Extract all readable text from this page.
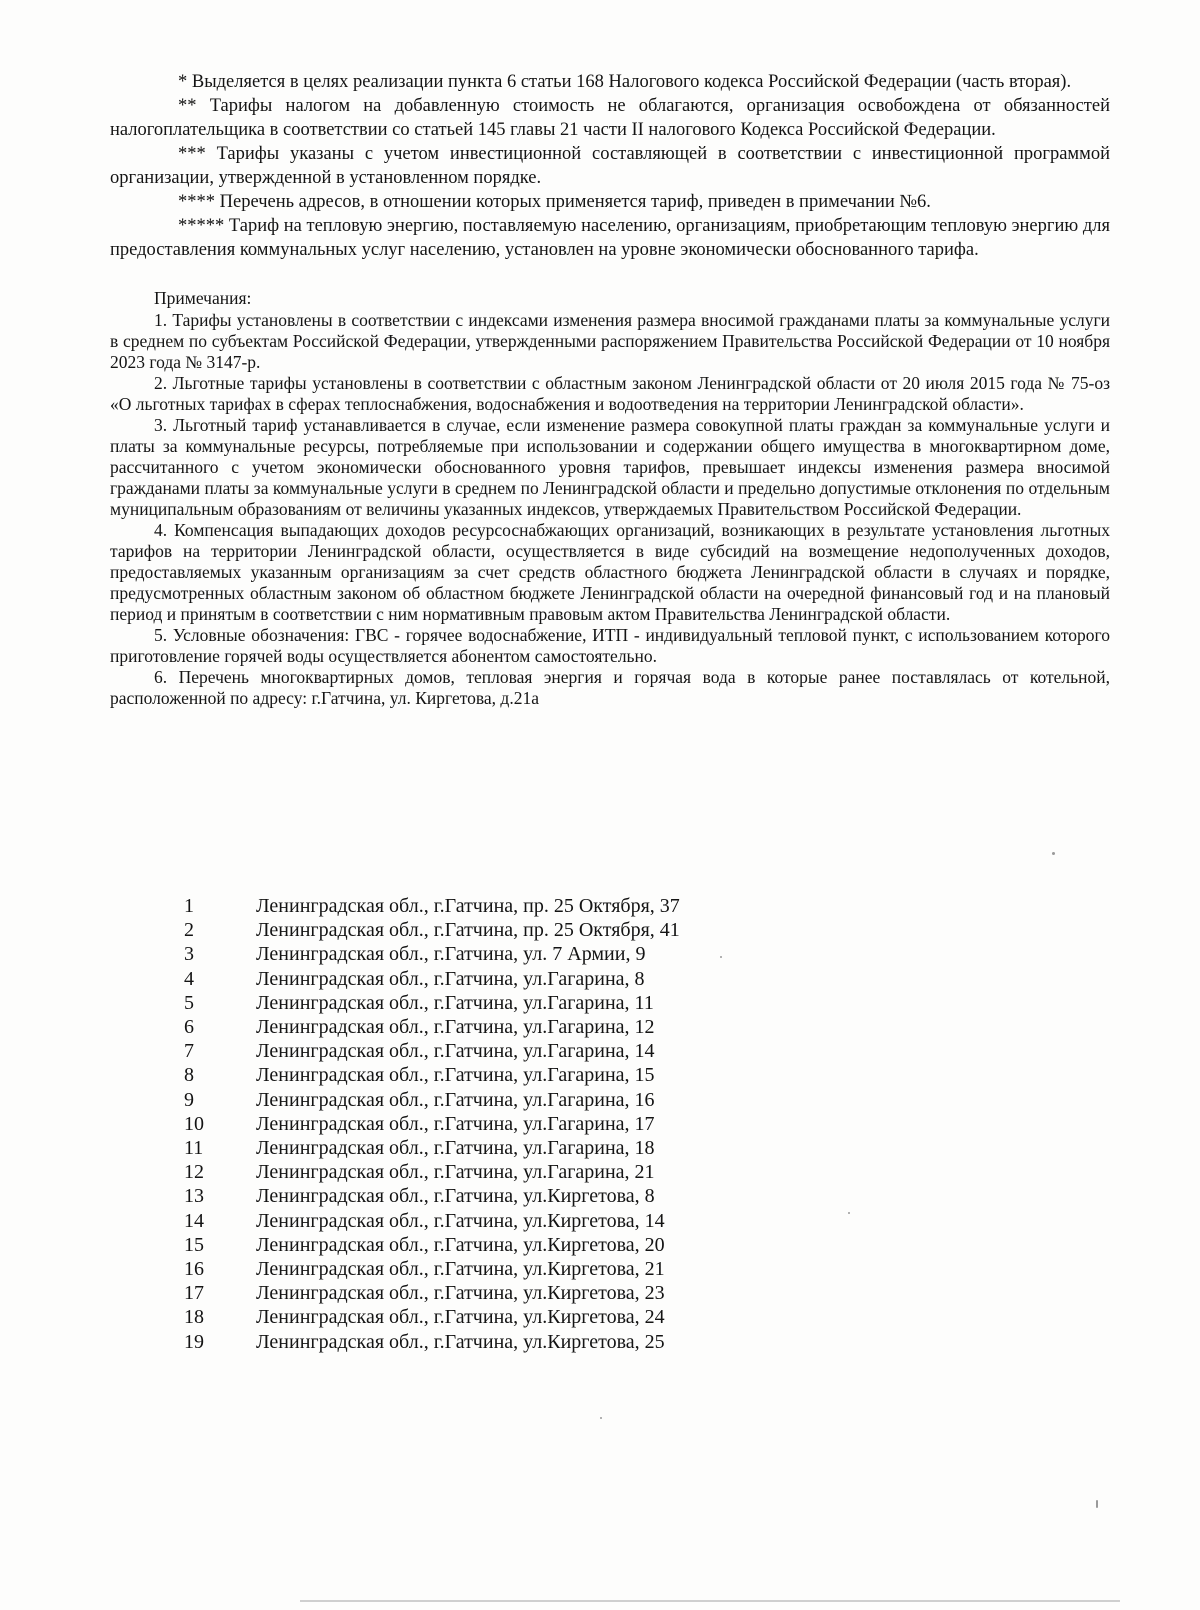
* Выделяется в целях реализации пункта 6 статьи 168 Налогового кодекса Российской Федерации (часть вторая).

** Тарифы налогом на добавленную стоимость не облагаются, организация освобождена от обязанностей налогоплательщика в соответствии со статьей 145 главы 21 части II налогового Кодекса Российской Федерации.

*** Тарифы указаны с учетом инвестиционной составляющей в соответствии с инвестиционной программой организации, утвержденной в установленном порядке.

**** Перечень адресов, в отношении которых применяется тариф, приведен в примечании №6.

***** Тариф на тепловую энергию, поставляемую населению, организациям, приобретающим тепловую энергию для предоставления коммунальных услуг населению, установлен на уровне экономически обоснованного тарифа.

Примечания:

1. Тарифы установлены в соответствии с индексами изменения размера вносимой гражданами платы за коммунальные услуги в среднем по субъектам Российской Федерации, утвержденными распоряжением Правительства Российской Федерации от 10 ноября 2023 года № 3147-р.

2. Льготные тарифы установлены в соответствии с областным законом Ленинградской области от 20 июля 2015 года № 75-оз «О льготных тарифах в сферах теплоснабжения, водоснабжения и водоотведения на территории Ленинградской области».

3. Льготный тариф устанавливается в случае, если изменение размера совокупной платы граждан за коммунальные услуги и платы за коммунальные ресурсы, потребляемые при использовании и содержании общего имущества в многоквартирном доме, рассчитанного с учетом экономически обоснованного уровня тарифов, превышает индексы изменения размера вносимой гражданами платы за коммунальные услуги в среднем по Ленинградской области и предельно допустимые отклонения по отдельным муниципальным образованиям от величины указанных индексов, утверждаемых Правительством Российской Федерации.

4. Компенсация выпадающих доходов ресурсоснабжающих организаций, возникающих в результате установления льготных тарифов на территории Ленинградской области, осуществляется в виде субсидий на возмещение недополученных доходов, предоставляемых указанным организациям за счет средств областного бюджета Ленинградской области в случаях и порядке, предусмотренных областным законом об областном бюджете Ленинградской области на очередной финансовый год и на плановый период и принятым в соответствии с ним нормативным правовым актом Правительства Ленинградской области.

5. Условные обозначения: ГВС - горячее водоснабжение, ИТП - индивидуальный тепловой пункт, с использованием которого приготовление горячей воды осуществляется абонентом самостоятельно.

6. Перечень многоквартирных домов, тепловая энергия и горячая вода в которые ранее поставлялась от котельной, расположенной по адресу: г.Гатчина, ул. Киргетова, д.21а

1	Ленинградская обл., г.Гатчина, пр. 25 Октября, 37
2	Ленинградская обл., г.Гатчина, пр. 25 Октября, 41
3	Ленинградская обл., г.Гатчина, ул. 7 Армии, 9
4	Ленинградская обл., г.Гатчина, ул.Гагарина, 8
5	Ленинградская обл., г.Гатчина, ул.Гагарина, 11
6	Ленинградская обл., г.Гатчина, ул.Гагарина, 12
7	Ленинградская обл., г.Гатчина, ул.Гагарина, 14
8	Ленинградская обл., г.Гатчина, ул.Гагарина, 15
9	Ленинградская обл., г.Гатчина, ул.Гагарина, 16
10	Ленинградская обл., г.Гатчина, ул.Гагарина, 17
11	Ленинградская обл., г.Гатчина, ул.Гагарина, 18
12	Ленинградская обл., г.Гатчина, ул.Гагарина, 21
13	Ленинградская обл., г.Гатчина, ул.Киргетова, 8
14	Ленинградская обл., г.Гатчина, ул.Киргетова, 14
15	Ленинградская обл., г.Гатчина, ул.Киргетова, 20
16	Ленинградская обл., г.Гатчина, ул.Киргетова, 21
17	Ленинградская обл., г.Гатчина, ул.Киргетова, 23
18	Ленинградская обл., г.Гатчина, ул.Киргетова, 24
19	Ленинградская обл., г.Гатчина, ул.Киргетова, 25
